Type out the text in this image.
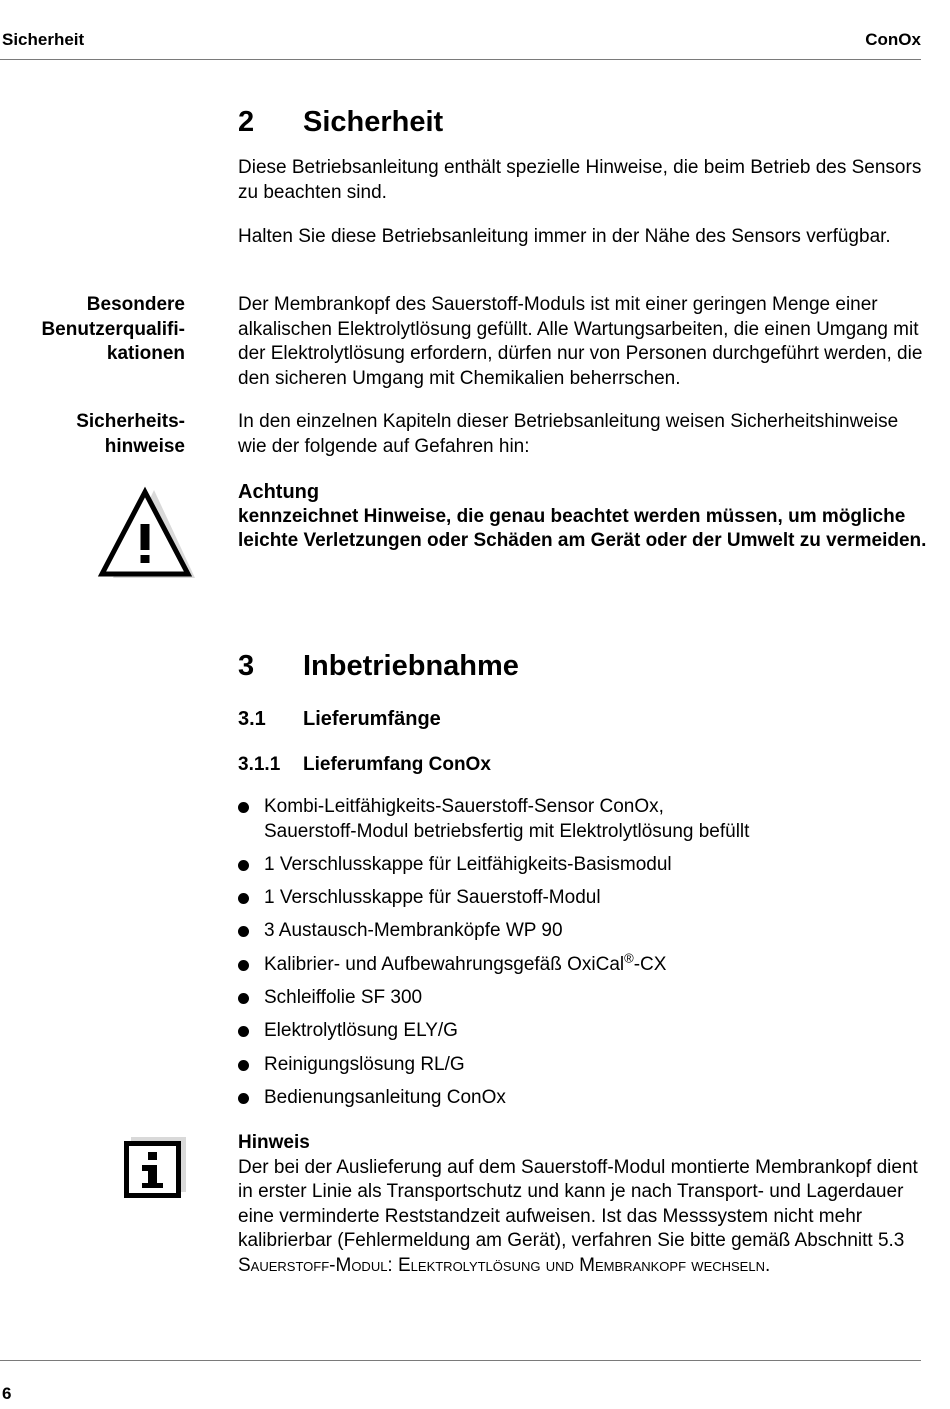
Sicherheit	ConOx
2 Sicherheit

Diese Betriebsanleitung enthält spezielle Hinweise, die beim Betrieb des Sensors zu beachten sind.

Halten Sie diese Betriebsanleitung immer in der Nähe des Sensors verfügbar.

Besondere
Benutzerqualifi-
kationen

Der Membrankopf des Sauerstoff-Moduls ist mit einer geringen Menge einer alkalischen Elektrolytlösung gefüllt. Alle Wartungsarbeiten, die einen Umgang mit der Elektrolytlösung erfordern, dürfen nur von Personen durchgeführt werden, die den sicheren Umgang mit Chemikalien beherrschen.

Sicherheits-
hinweise

In den einzelnen Kapiteln dieser Betriebsanleitung weisen Sicherheitshinweise wie der folgende auf Gefahren hin:

Achtung
kennzeichnet Hinweise, die genau beachtet werden müssen, um mögliche leichte Verletzungen oder Schäden am Gerät oder der Umwelt zu vermeiden.
3 Inbetriebnahme
3.1 Lieferumfänge
3.1.1 Lieferumfang ConOx
Kombi-Leitfähigkeits-Sauerstoff-Sensor ConOx,
Sauerstoff-Modul betriebsfertig mit Elektrolytlösung befüllt
1 Verschlusskappe für Leitfähigkeits-Basismodul
1 Verschlusskappe für Sauerstoff-Modul
3 Austausch-Membranköpfe WP 90
Kalibrier- und Aufbewahrungsgefäß OxiCal®-CX
Schleiffolie SF 300
Elektrolytlösung ELY/G
Reinigungslösung RL/G
Bedienungsanleitung ConOx
Hinweis
Der bei der Auslieferung auf dem Sauerstoff-Modul montierte Membrankopf dient in erster Linie als Transportschutz und kann je nach Transport- und Lagerdauer eine verminderte Reststandzeit aufweisen. Ist das Messsystem nicht mehr kalibrierbar (Fehlermeldung am Gerät), verfahren Sie bitte gemäß Abschnitt 5.3 Sauerstoff-Modul: Elektrolytlösung und Membrankopf wechseln.
6
